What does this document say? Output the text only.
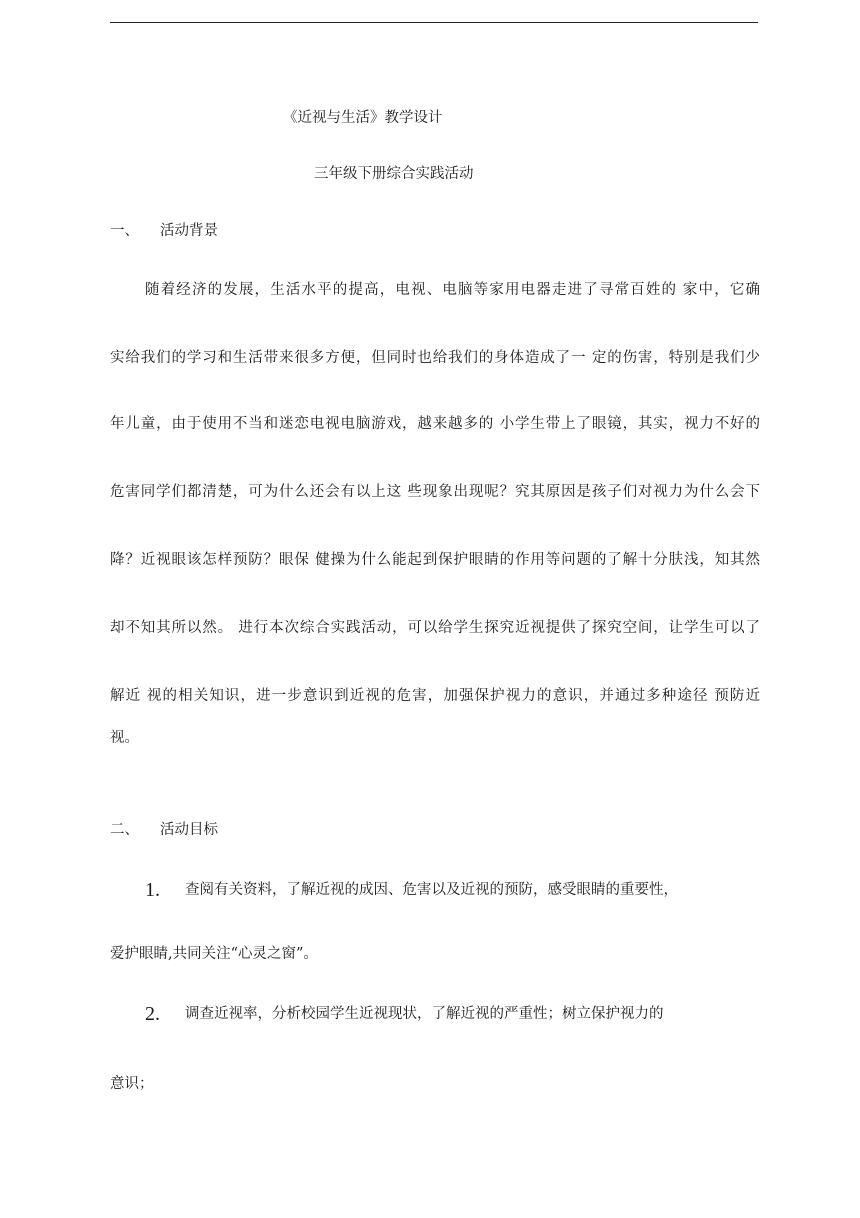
《近视与生活》教学设计
三年级下册综合实践活动
一、 活动背景
随着经济的发展，生活水平的提高，电视、电脑等家用电器走进了寻常百姓的 家中，它确
实给我们的学习和生活带来很多方便，但同时也给我们的身体造成了一 定的伤害，特别是我们少
年儿童，由于使用不当和迷恋电视电脑游戏，越来越多的 小学生带上了眼镜，其实，视力不好的
危害同学们都清楚，可为什么还会有以上这 些现象出现呢？究其原因是孩子们对视力为什么会下
降？近视眼该怎样预防？眼保 健操为什么能起到保护眼睛的作用等问题的了解十分肤浅，知其然
却不知其所以然。 进行本次综合实践活动，可以给学生探究近视提供了探究空间，让学生可以了
解近 视的相关知识，进一步意识到近视的危害，加强保护视力的意识，并通过多种途径 预防近
视。
二、 活动目标
1. 查阅有关资料，了解近视的成因、危害以及近视的预防，感受眼睛的重要性，
爱护眼睛,共同关注“心灵之窗”。
2. 调查近视率，分析校园学生近视现状，了解近视的严重性；树立保护视力的
意识；
